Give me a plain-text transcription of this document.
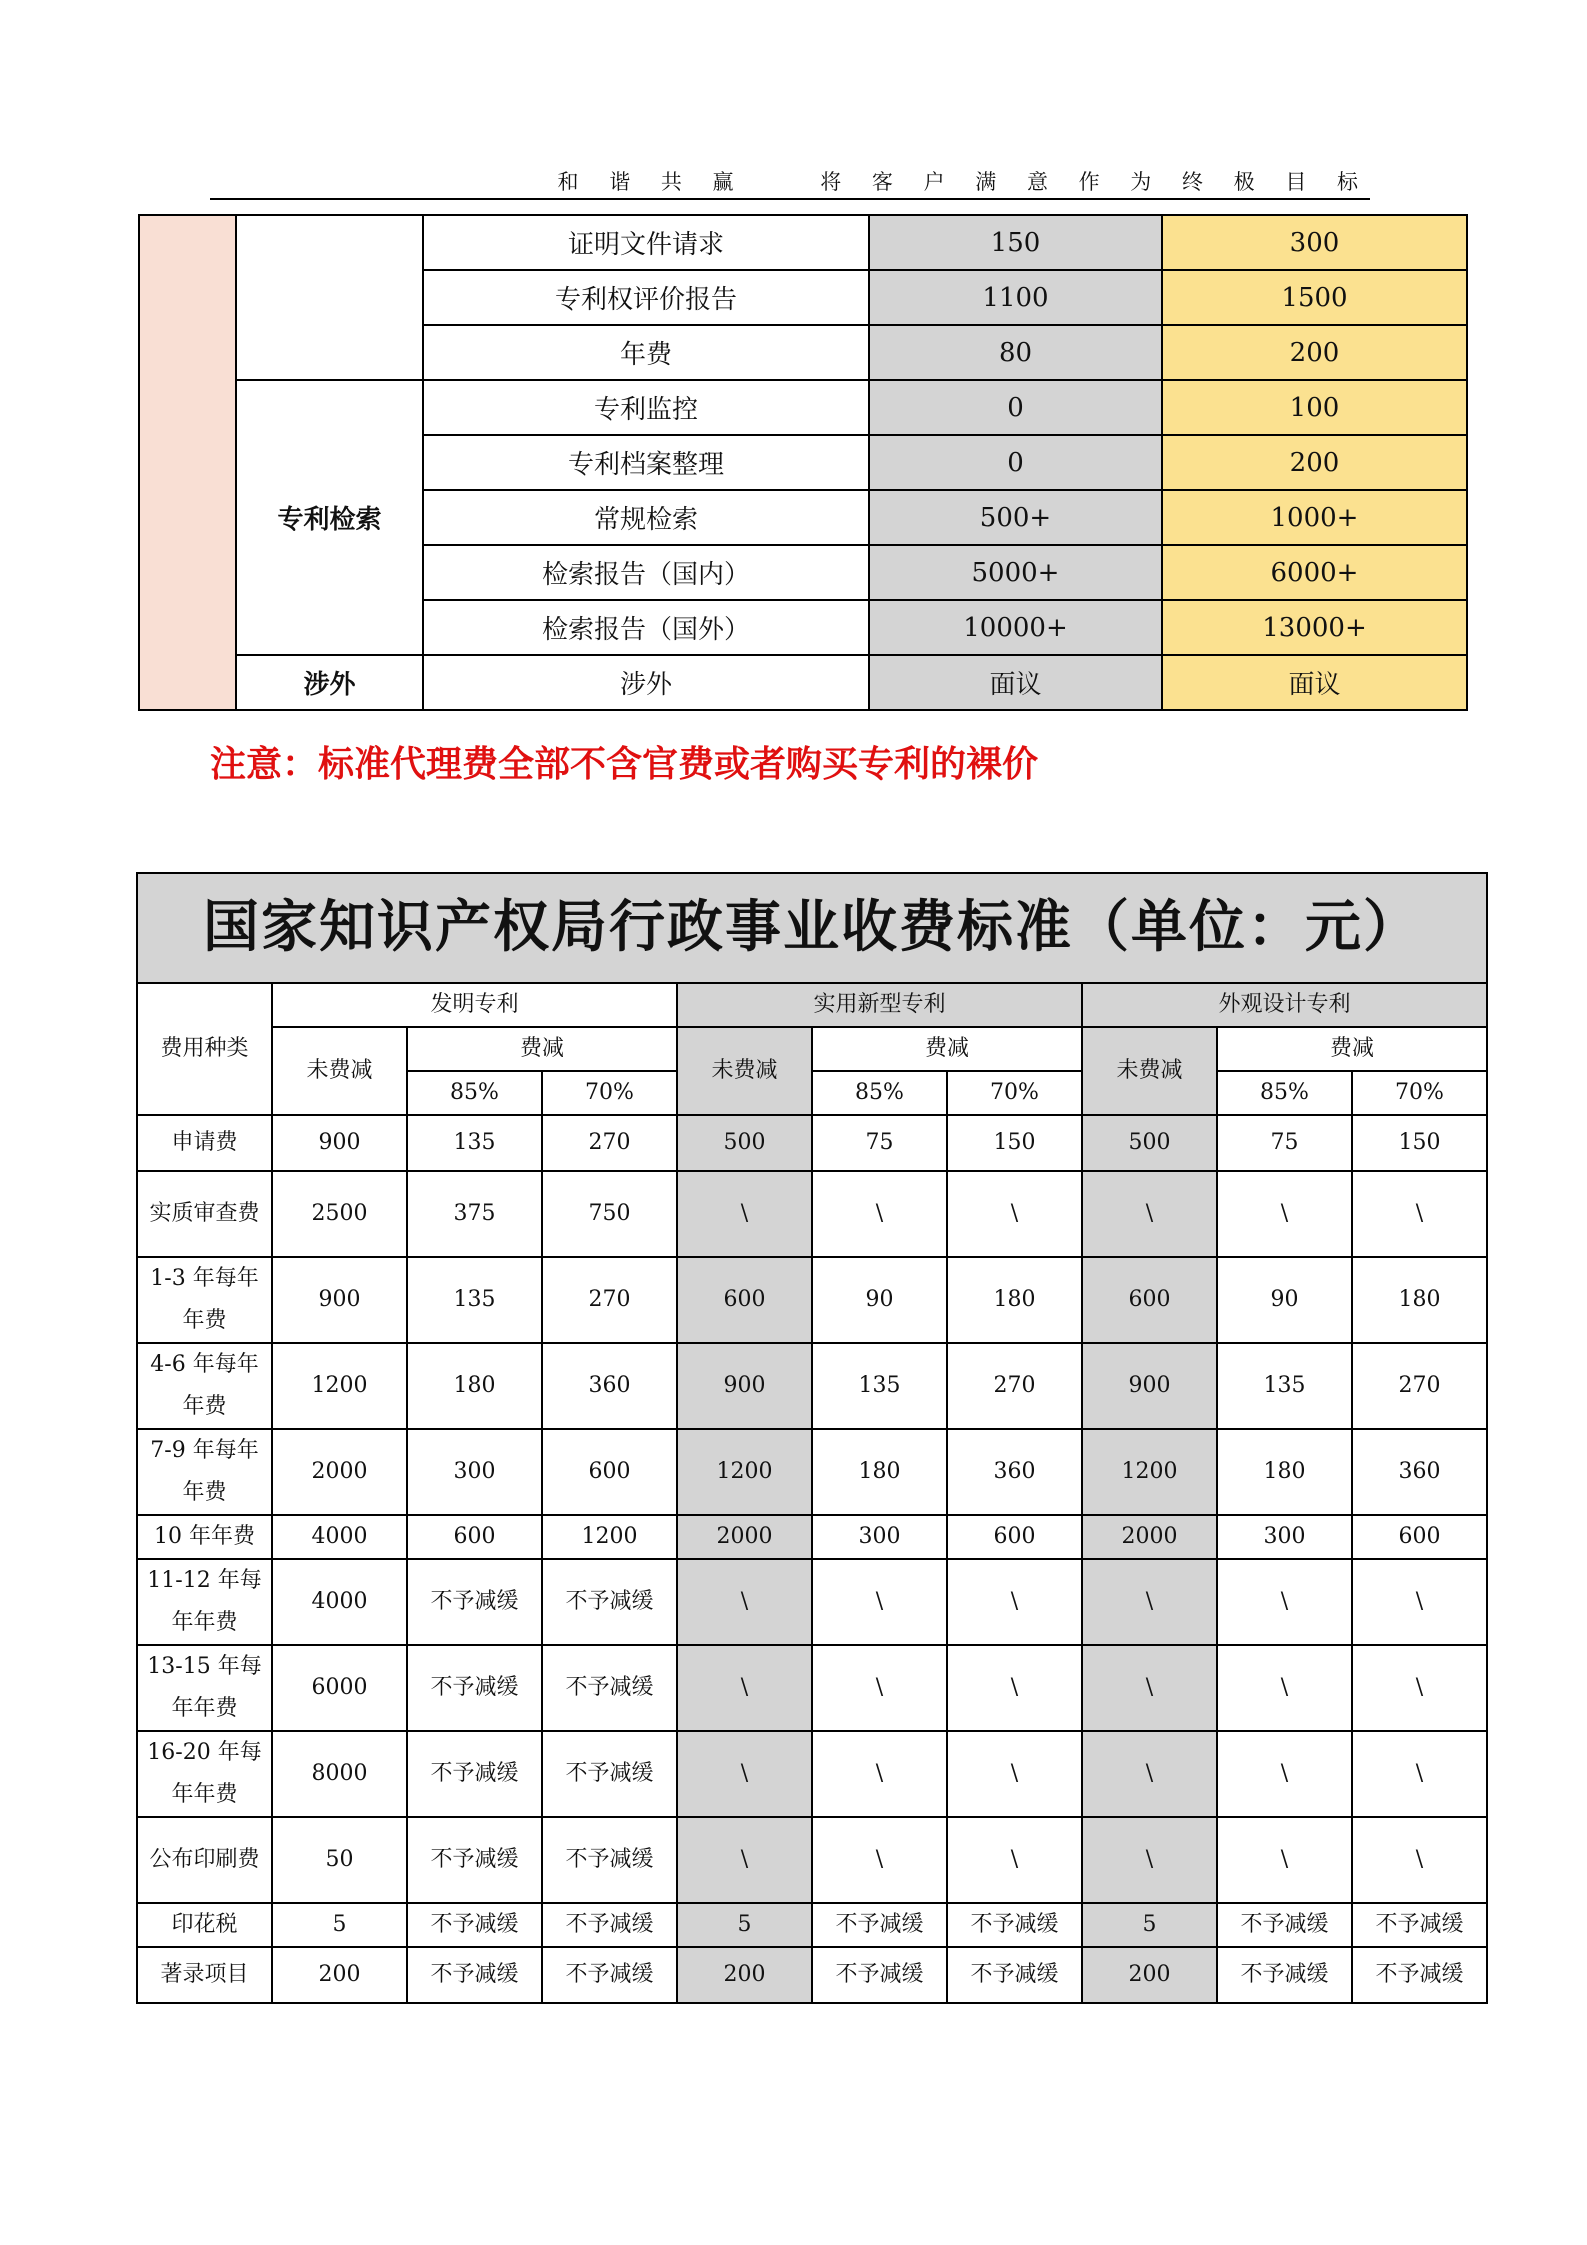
和 谐 共 赢    将 客 户 满 意 作 为 终 极 目 标
		证明文件请求	150	300
		专利权评价报告	1100	1500
		年费	80	200
	专利检索	专利监控	0	100
		专利档案整理	0	200
		常规检索	500+	1000+
		检索报告（国内）	5000+	6000+
		检索报告（国外）	10000+	13000+
	涉外	涉外	面议	面议
注意：标准代理费全部不含官费或者购买专利的裸价
国家知识产权局行政事业收费标准（单位：元）									
费用种类	发明专利			实用新型专利			外观设计专利		
	未费减	费减		未费减	费减		未费减	费减	
		85%	70%		85%	70%		85%	70%
申请费	900	135	270	500	75	150	500	75	150
实质审查费	2500	375	750	\	\	\	\	\	\
1-3 年每年年费	900	135	270	600	90	180	600	90	180
4-6 年每年年费	1200	180	360	900	135	270	900	135	270
7-9 年每年年费	2000	300	600	1200	180	360	1200	180	360
10 年年费	4000	600	1200	2000	300	600	2000	300	600
11-12 年每年年费	4000	不予减缓	不予减缓	\	\	\	\	\	\
13-15 年每年年费	6000	不予减缓	不予减缓	\	\	\	\	\	\
16-20 年每年年费	8000	不予减缓	不予减缓	\	\	\	\	\	\
公布印刷费	50	不予减缓	不予减缓	\	\	\	\	\	\
印花税	5	不予减缓	不予减缓	5	不予减缓	不予减缓	5	不予减缓	不予减缓
著录项目	200	不予减缓	不予减缓	200	不予减缓	不予减缓	200	不予减缓	不予减缓
